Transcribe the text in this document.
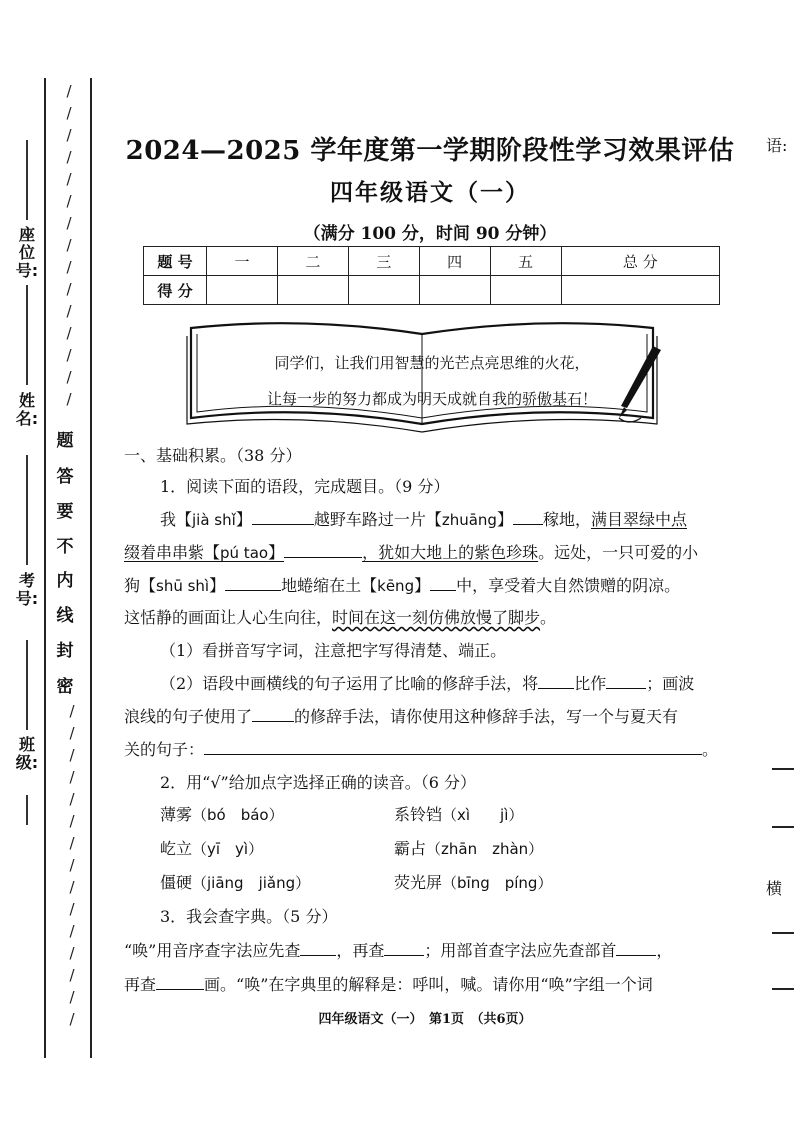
/
/
/
/
/
/
/
/
/
/
/
/
/
/
/
/
/
/
/
/
/
/
/
/
/
/
/
/
/
/
题
答
要
不
内
线
封
密
座位号:
姓名:
考号:
班级:
语:
横
2024—2025 学年度第一学期阶段性学习效果评估
四年级语文（一）
（满分 100 分，时间 90 分钟）
题 号	一	二	三	四	五	总 分
得 分						
同学们，让我们用智慧的光芒点亮思维的火花，
让每一步的努力都成为明天成就自我的骄傲基石！
一、基础积累。（38 分）
1．阅读下面的语段，完成题目。（9 分）
我【jià shǐ】	越野车路过一片【zhuāng】 稼地，满目翠绿中点
缀着串串紫【pú tao】	，犹如大地上的紫色珍珠。远处，一只可爱的小
狗【shū shì】	地蜷缩在土【kēng】 中，享受着大自然馈赠的阴凉。
这恬静的画面让人心生向往，时间在这一刻仿佛放慢了脚步。
（1）看拼音写字词，注意把字写得清楚、端正。
（2）语段中画横线的句子运用了比喻的修辞手法，将 比作	；画波
浪线的句子使用了	的修辞手法，请你使用这种修辞手法，写一个与夏天有
关的句子：	。
2．用“√”给加点字选择正确的读音。（6 分）
薄雾（bó　báo）	系铃铛（xì　　jì）
屹立（yī　yì）	霸占（zhān　zhàn）
僵硬（jiāng　jiǎng）	荧光屏（bīng　píng）
3．我会查字典。（5 分）
“唤”用音序查字法应先查 ，再查	；用部首查字法应先查部首	，
再查	画。“唤”在字典里的解释是：呼叫，喊。请你用“唤”字组一个词
四年级语文（一）　第1页　（共6页）
